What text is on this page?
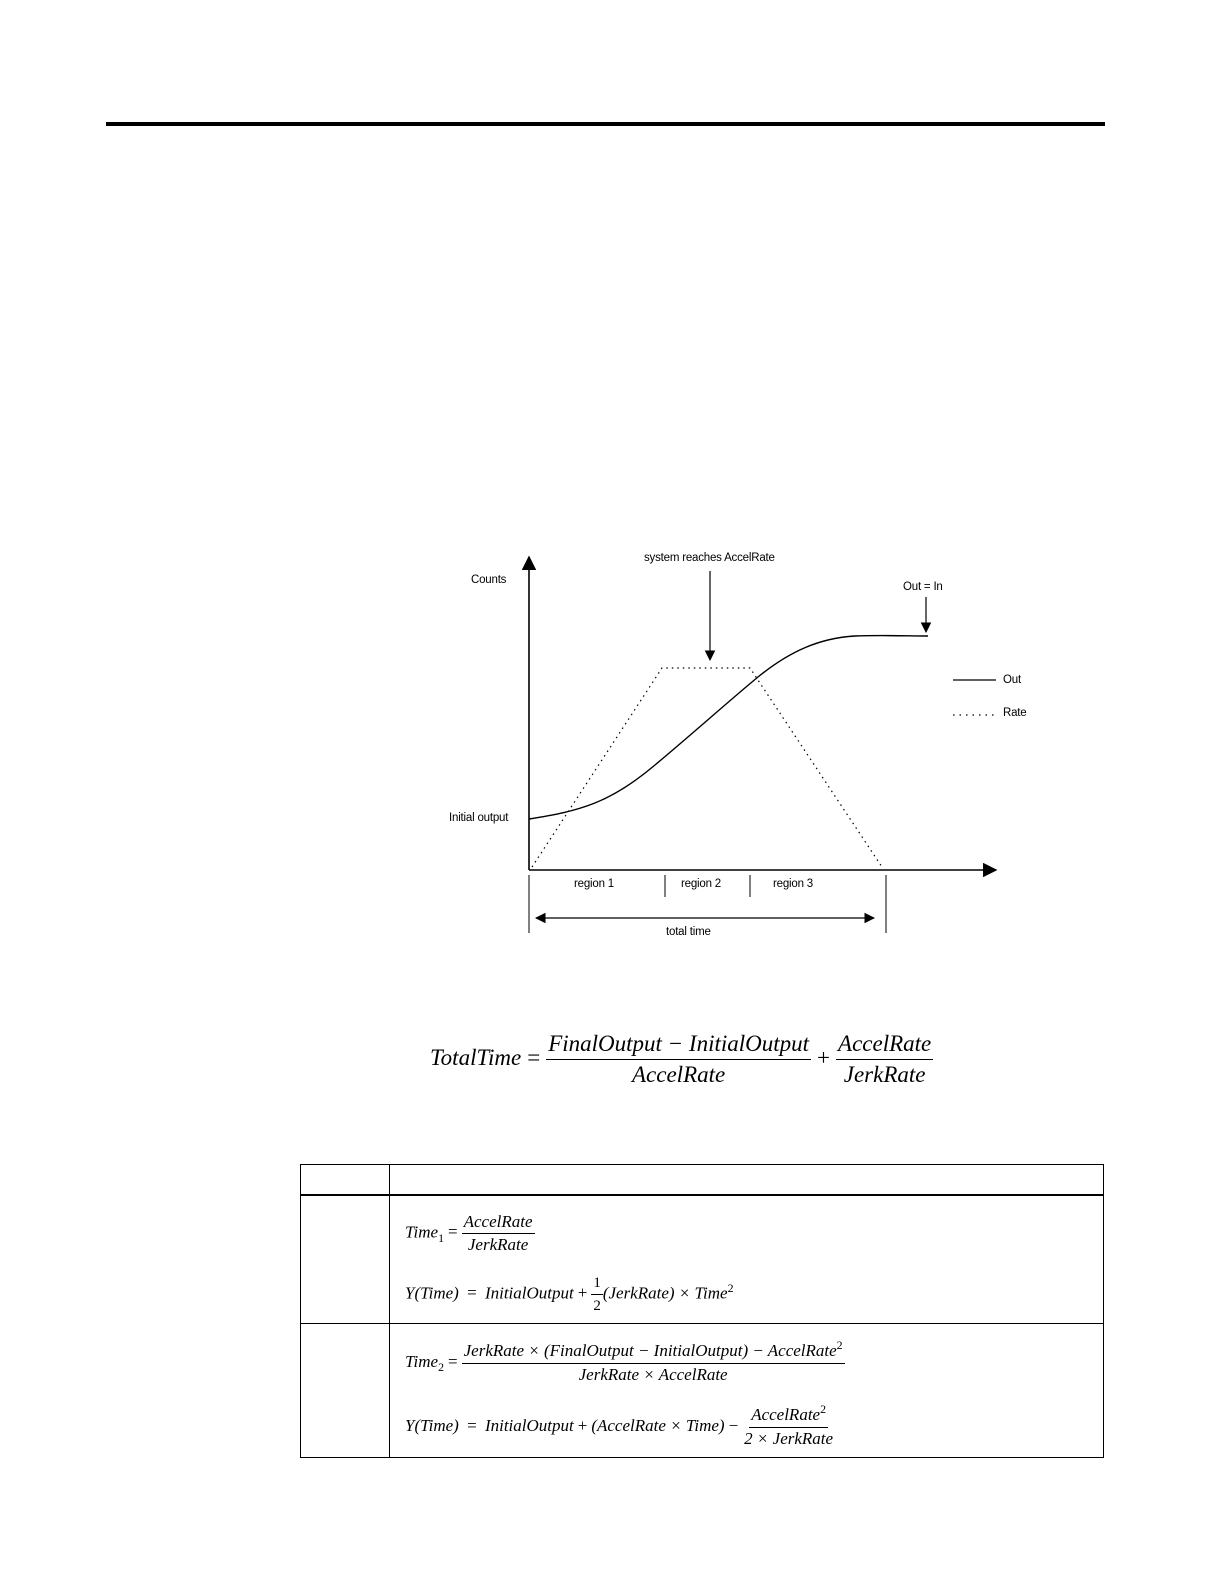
Counts
system reaches AccelRate
Out = In
Initial output
Out
Rate
region 1	region 2	region 3
total time
TotalTime = $\frac{\text{FinalOutput − InitialOutput}}{\text{AccelRate}} + \frac{\text{AccelRate}}{\text{JerkRate}}$
Time$_1$ = $\frac{\text{AccelRate}}{\text{JerkRate}}$
Y(Time) = InitialOutput + $\frac{1}{2}$ (JerkRate) × Time$^2$
Time$_2$ = $\frac{JerkRate \times (FinalOutput - InitialOutput) - AccelRate^2}{\text{JerkRate × AccelRate}}$
Y(Time) = InitialOutput + (AccelRate × Time) − $\frac{AccelRate^2}{\text{2 × JerkRate}}$
